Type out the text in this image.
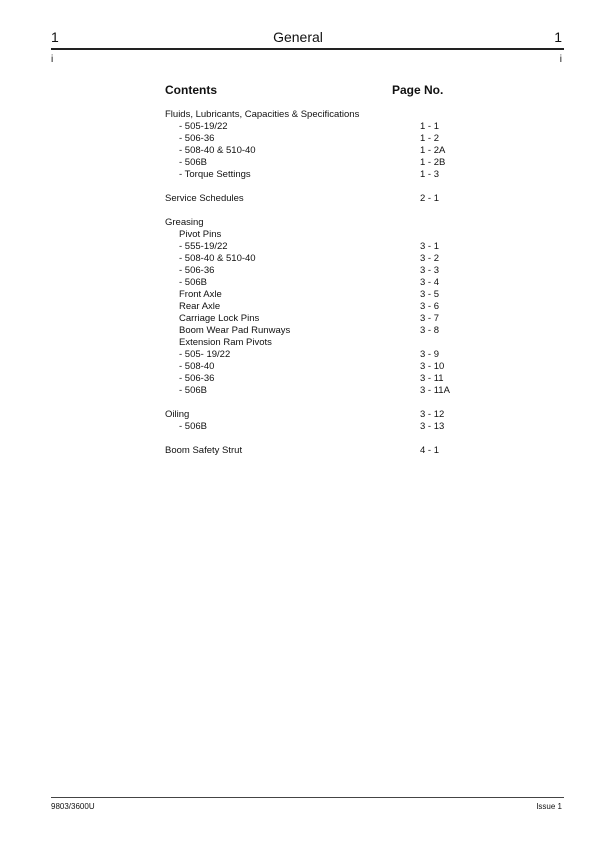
1	General	1
i	i
Contents	Page No.
Fluids, Lubricants, Capacities & Specifications
- 505-19/22	1 - 1
- 506-36	1 - 2
- 508-40 & 510-40	1 - 2A
- 506B	1 - 2B
- Torque Settings	1 - 3
Service Schedules	2 - 1
Greasing
Pivot Pins
- 555-19/22	3 - 1
- 508-40 & 510-40	3 - 2
- 506-36	3 - 3
- 506B	3 - 4
Front Axle	3 - 5
Rear Axle	3 - 6
Carriage Lock Pins	3 - 7
Boom Wear Pad Runways	3 - 8
Extension Ram Pivots
- 505- 19/22	3 - 9
- 508-40	3 - 10
- 506-36	3 - 11
- 506B	3 - 11A
Oiling	3 - 12
- 506B	3 - 13
Boom Safety Strut	4 - 1
9803/3600U	Issue 1
